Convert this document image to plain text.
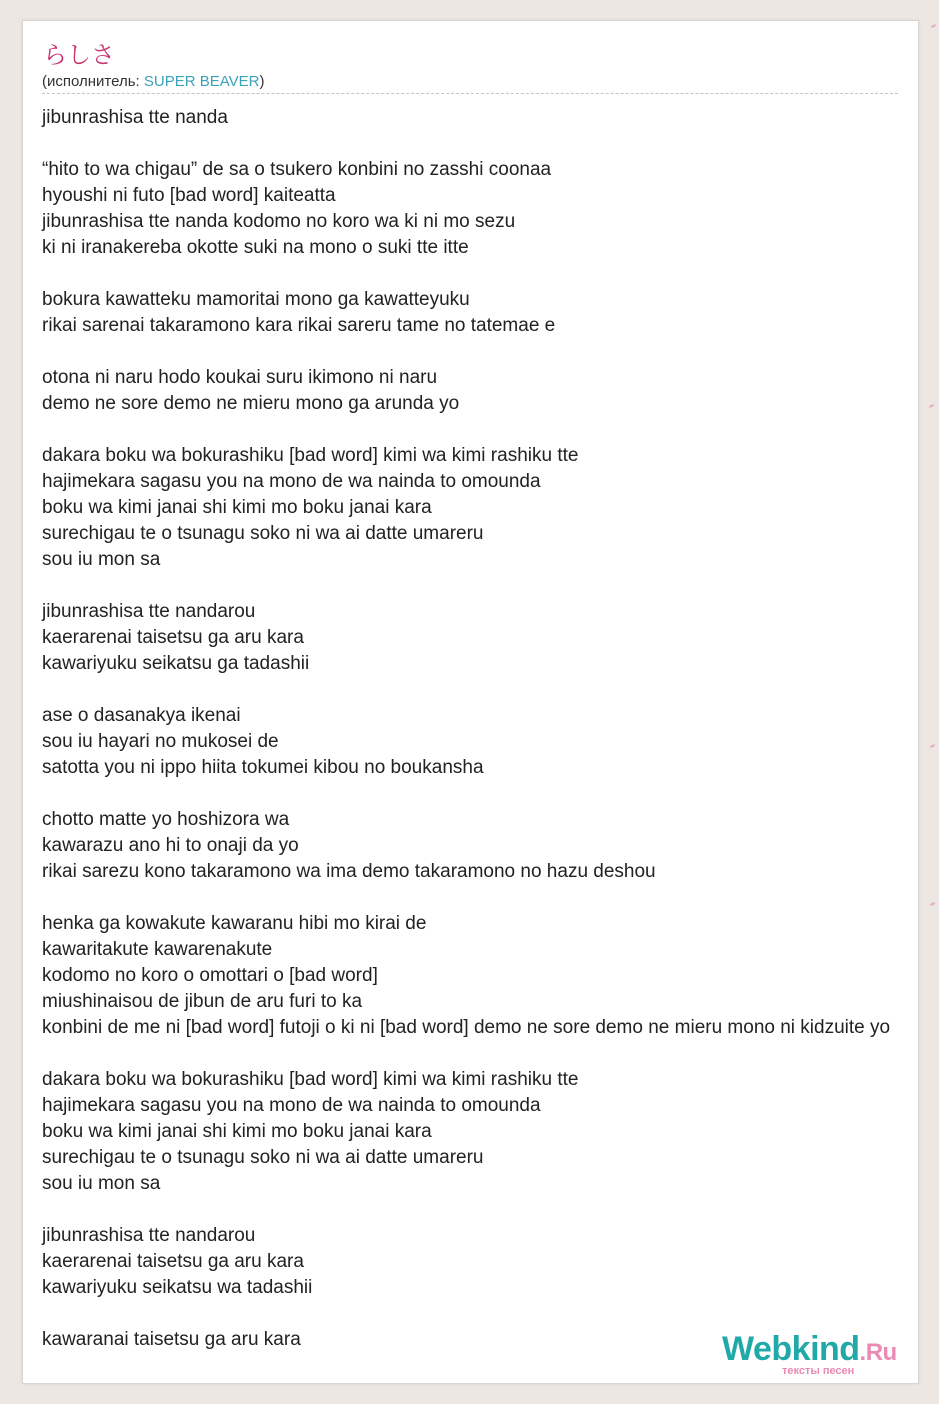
らしさ
(исполнитель: SUPER BEAVER)
jibunrashisa tte nanda
“hito to wa chigau” de sa o tsukero konbini no zasshi coonaa
hyoushi ni futo [bad word] kaiteatta
jibunrashisa tte nanda kodomo no koro wa ki ni mo sezu
ki ni iranakereba okotte suki na mono o suki tte itte
bokura kawatteku mamoritai mono ga kawatteyuku
rikai sarenai takaramono kara rikai sareru tame no tatemae e
otona ni naru hodo koukai suru ikimono ni naru
demo ne sore demo ne mieru mono ga arunda yo
dakara boku wa bokurashiku [bad word] kimi wa kimi rashiku tte
hajimekara sagasu you na mono de wa nainda to omounda
boku wa kimi janai shi kimi mo boku janai kara
surechigau te o tsunagu soko ni wa ai datte umareru
sou iu mon sa
jibunrashisa tte nandarou
kaerarenai taisetsu ga aru kara
kawariyuku seikatsu ga tadashii
ase o dasanakya ikenai
sou iu hayari no mukosei de
satotta you ni ippo hiita tokumei kibou no boukansha
chotto matte yo hoshizora wa
kawarazu ano hi to onaji da yo
rikai sarezu kono takaramono wa ima demo takaramono no hazu deshou
henka ga kowakute kawaranu hibi mo kirai de
kawaritakute kawarenakute
kodomo no koro o omottari o [bad word]
miushinaisou de jibun de aru furi to ka
konbini de me ni [bad word] futoji o ki ni [bad word] demo ne sore demo ne mieru mono ni kidzuite yo
dakara boku wa bokurashiku [bad word] kimi wa kimi rashiku tte
hajimekara sagasu you na mono de wa nainda to omounda
boku wa kimi janai shi kimi mo boku janai kara
surechigau te o tsunagu soko ni wa ai datte umareru
sou iu mon sa
jibunrashisa tte nandarou
kaerarenai taisetsu ga aru kara
kawariyuku seikatsu wa tadashii
kawaranai taisetsu ga aru kara	Webkind.Ru
тексты песен
